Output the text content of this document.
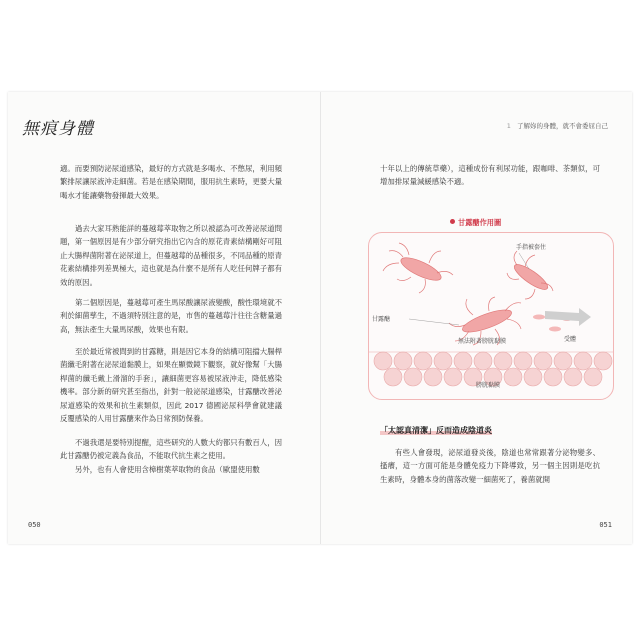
無痕身體	1 了解妳的身體，就不會委屈自己

適。而要預防泌尿道感染，最好的方式就是多喝水、不憋尿，利用頻繁排尿讓尿液沖走細菌。若是在感染期間，服用抗生素時，更要大量喝水才能讓藥物發揮最大效果。

過去大家耳熟能詳的蔓越莓萃取物之所以被認為可改善泌尿道問題，第一個原因是有少部分研究指出它內含的原花青素結構剛好可阻止大腸桿菌附著在泌尿道上，但蔓越莓的品種很多，不同品種的原青花素結構排列差異極大，這也就是為什麼不是所有人吃任何牌子都有效的原因。

第二個原因是，蔓越莓可產生馬尿酸讓尿液變酸，酸性環境就不利於細菌孳生，不過須特別注意的是，市售的蔓越莓汁往往含糖量過高，無法產生大量馬尿酸，效果也有限。

至於最近常被問到的甘露糖，則是因它本身的結構可阻擋大腸桿菌纖毛附著在泌尿道黏膜上，如果在顯微鏡下觀察，就好像幫「大腸桿菌的纖毛戴上滑溜的手套」，讓細菌更容易被尿液沖走，降低感染機率。部分新的研究甚至指出，針對一般泌尿道感染，甘露醣改善泌尿道感染的效果和抗生素類似，因此 2017 德國泌尿科學會就建議反覆感染的人用甘露醣來作為日常預防保養。

不過我還是要特別提醒，這些研究的人數大約都只有數百人，因此甘露醣仍被定義為食品，不能取代抗生素之使用。

另外，也有人會使用含樟樹葉萃取物的食品（歐盟使用數

050

十年以上的傳統草藥），這種成份有利尿功能，跟咖啡、茶類似，可增加排尿量減緩感染不適。

甘露醣作用圖
手指被套住
甘露醣
無法附著膀胱黏膜	受體
膀胱黏膜
「太認真清潔」反而造成陰道炎

有些人會發現，泌尿道發炎後，陰道也常常跟著分泌物變多、搔癢，這一方面可能是身體免疫力下降導致，另一個主因則是吃抗生素時，身體本身的菌落改變一細菌死了，養菌就開

051
